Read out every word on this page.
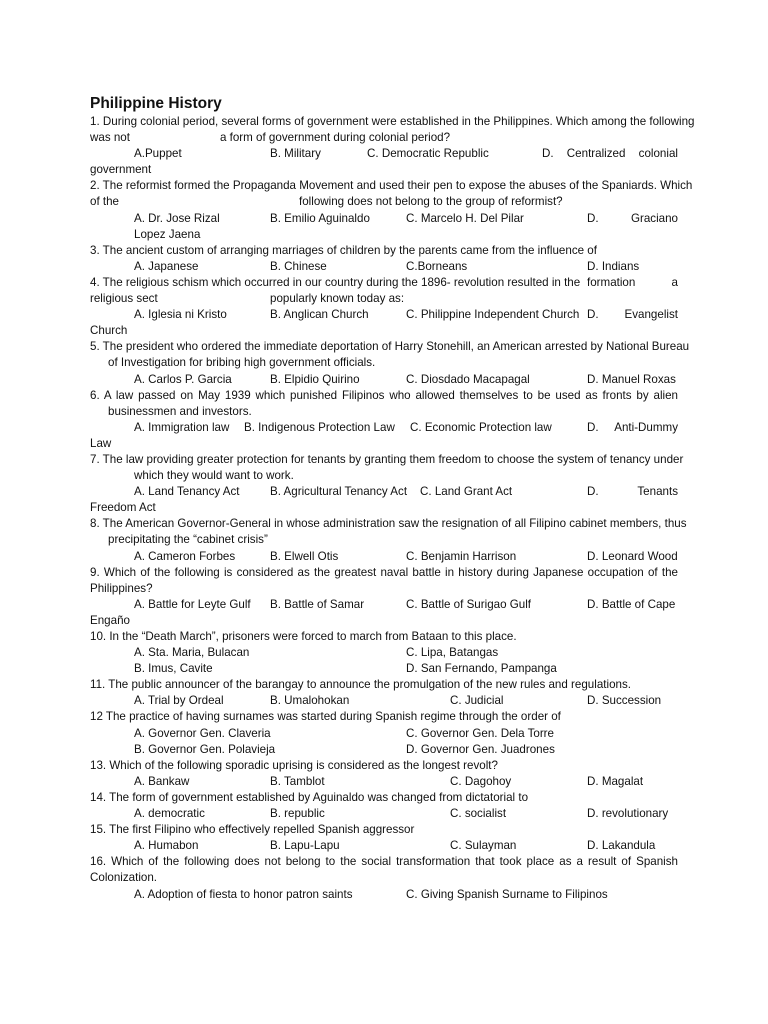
Philippine History
1. During colonial period, several forms of government were established in the Philippines. Which among the following
was not	a form of government during colonial period?
A.Puppet	B. Military	C. Democratic Republic	D. Centralized colonial
government
2. The reformist formed the Propaganda Movement and used their pen to expose the abuses of the Spaniards. Which
of the	following does not belong to the group of reformist?
A. Dr. Jose Rizal	B. Emilio Aguinaldo	C. Marcelo H. Del Pilar	D.	Graciano
Lopez Jaena
3. The ancient custom of arranging marriages of children by the parents came from the influence of
A. Japanese	B. Chinese	C.Borneans	D. Indians
4. The religious schism which occurred in our country during the 1896- revolution resulted in the formation	a
religious sect	popularly known today as:
A. Iglesia ni Kristo	B. Anglican Church	C. Philippine Independent Church D. Evangelist
Church
5. The president who ordered the immediate deportation of Harry Stonehill, an American arrested by National Bureau
of Investigation for bribing high government officials.
A. Carlos P. Garcia	B. Elpidio Quirino	C. Diosdado Macapagal	D. Manuel Roxas
6. A law passed on May 1939 which punished Filipinos who allowed themselves to be used as fronts by alien
businessmen and investors.
A. Immigration law B. Indigenous Protection Law C. Economic Protection law	D. Anti-Dummy
Law
7. The law providing greater protection for tenants by granting them freedom to choose the system of tenancy under
which they would want to work.
A. Land Tenancy Act	B. Agricultural Tenancy Act C. Land Grant Act	D.	Tenants
Freedom Act
8. The American Governor-General in whose administration saw the resignation of all Filipino cabinet members, thus
precipitating the “cabinet crisis”
A. Cameron Forbes	B. Elwell Otis	C. Benjamin Harrison	D. Leonard Wood
9. Which of the following is considered as the greatest naval battle in history during Japanese occupation of the
Philippines?
A. Battle for Leyte Gulf B. Battle of Samar	C. Battle of Surigao Gulf	D. Battle of Cape
Engaño
10. In the “Death March”, prisoners were forced to march from Bataan to this place.
A. Sta. Maria, Bulacan	C. Lipa, Batangas
B. Imus, Cavite	D. San Fernando, Pampanga
11. The public announcer of the barangay to announce the promulgation of the new rules and regulations.
A. Trial by Ordeal	B. Umalohokan	C. Judicial	D. Succession
12 The practice of having surnames was started during Spanish regime through the order of
A. Governor Gen. Claveria	C. Governor Gen. Dela Torre
B. Governor Gen. Polavieja	D. Governor Gen. Juadrones
13. Which of the following sporadic uprising is considered as the longest revolt?
A. Bankaw	B. Tamblot	C. Dagohoy	D. Magalat
14. The form of government established by Aguinaldo was changed from dictatorial to
A. democratic	B. republic	C. socialist	D. revolutionary
15. The first Filipino who effectively repelled Spanish aggressor
A. Humabon	B. Lapu-Lapu	C. Sulayman	D. Lakandula
16. Which of the following does not belong to the social transformation that took place as a result of Spanish
Colonization.
A. Adoption of fiesta to honor patron saints	C. Giving Spanish Surname to Filipinos
